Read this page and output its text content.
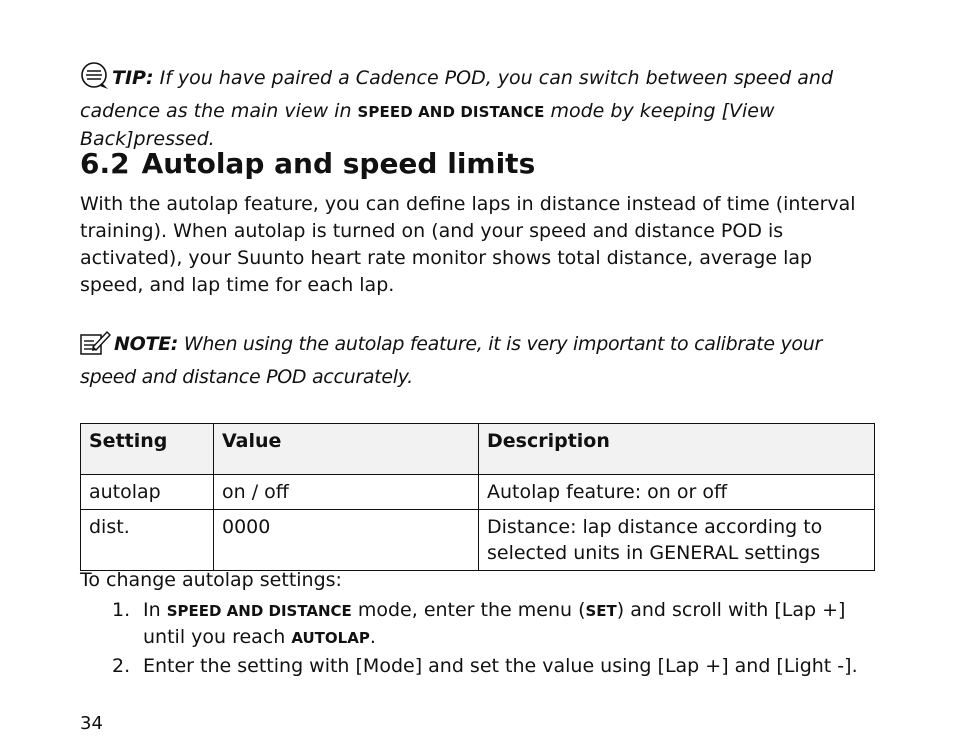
TIP: If you have paired a Cadence POD, you can switch between speed and cadence as the main view in SPEED AND DISTANCE mode by keeping [View Back]pressed.
6.2 Autolap and speed limits

With the autolap feature, you can define laps in distance instead of time (interval training). When autolap is turned on (and your speed and distance POD is activated), your Suunto heart rate monitor shows total distance, average lap speed, and lap time for each lap.

NOTE: When using the autolap feature, it is very important to calibrate your speed and distance POD accurately.
Setting	Value	Description
autolap	on / off	Autolap feature: on or off
dist.	0000	Distance: lap distance according to selected units in GENERAL settings

To change autolap settings:

1. In SPEED AND DISTANCE mode, enter the menu (SET) and scroll with [Lap +] until you reach AUTOLAP.
2. Enter the setting with [Mode] and set the value using [Lap +] and [Light -].
34
